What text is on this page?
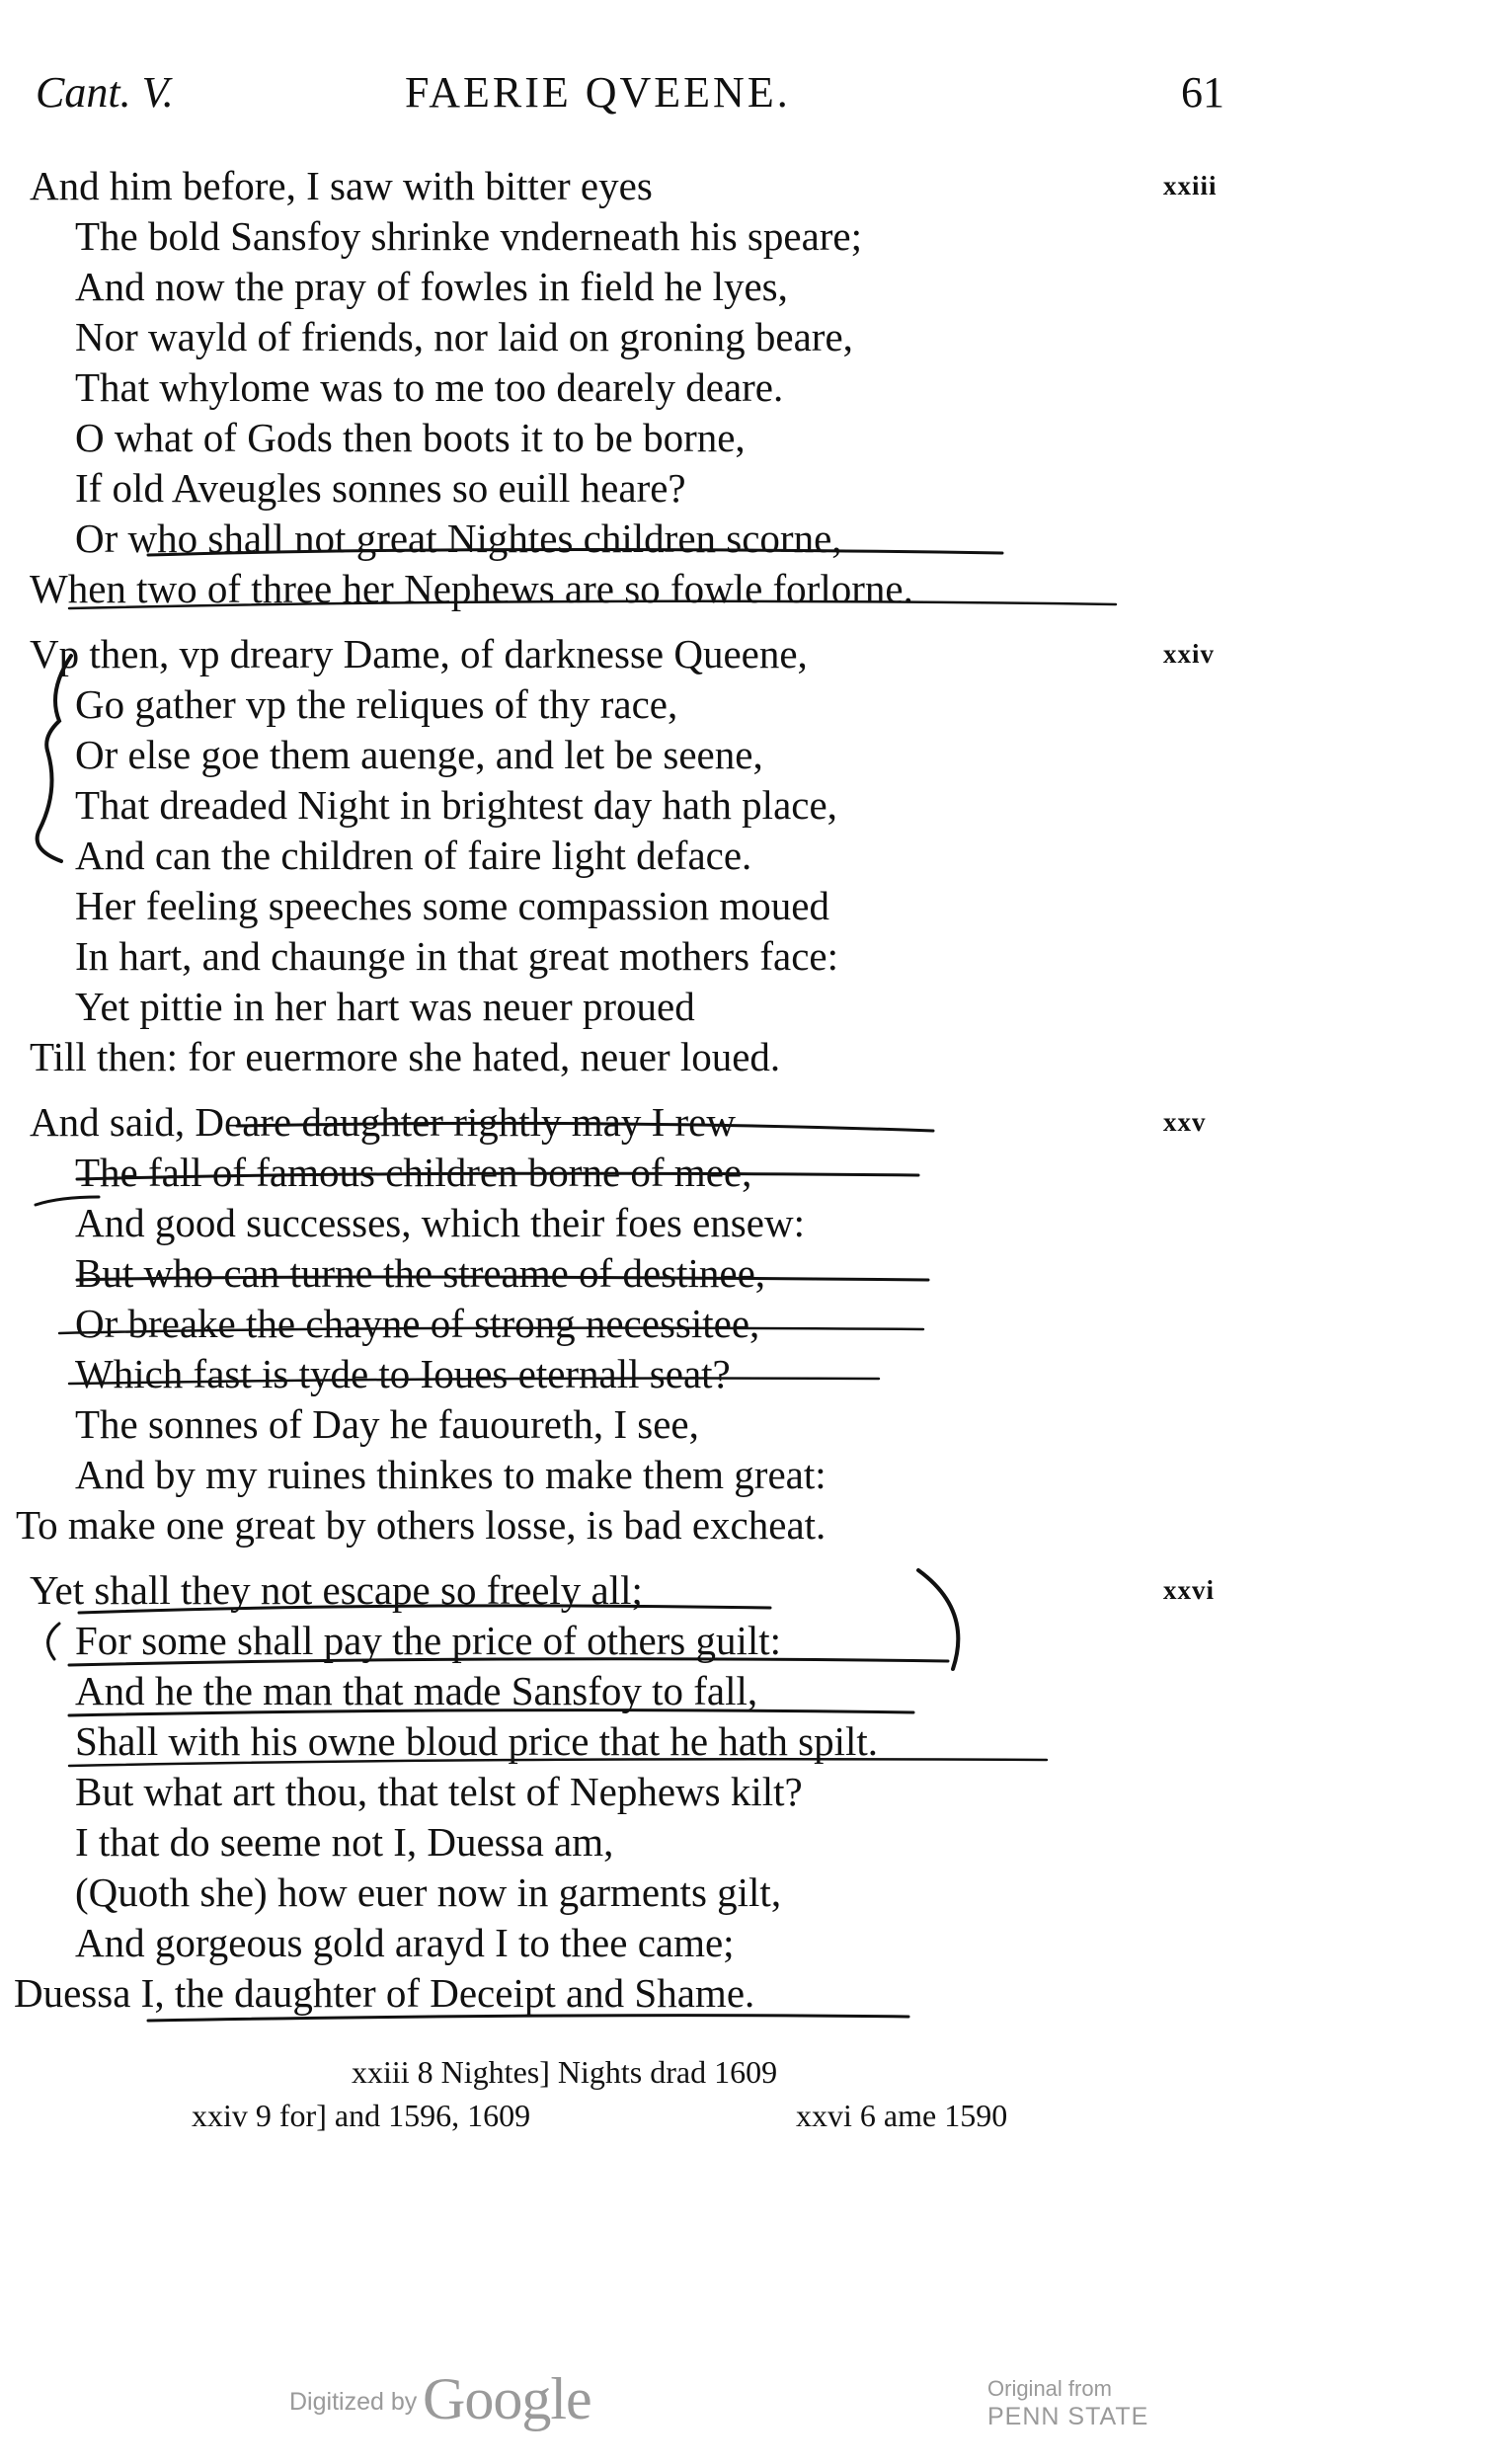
Cant. V.	FAERIE QVEENE.	61
xxiii
And him before, I saw with bitter eyes
The bold Sansfoy shrinke vnderneath his speare;
And now the pray of fowles in field he lyes,
Nor wayld of friends, nor laid on groning beare,
That whylome was to me too dearely deare.
O what of Gods then boots it to be borne,
If old Aveugles sonnes so euill heare?
Or who shall not great Nightes children scorne,
When two of three her Nephews are so fowle forlorne.
xxiv
Vp then, vp dreary Dame, of darknesse Queene,
Go gather vp the reliques of thy race,
Or else goe them auenge, and let be seene,
That dreaded Night in brightest day hath place,
And can the children of faire light deface.
Her feeling speeches some compassion moued
In hart, and chaunge in that great mothers face:
Yet pittie in her hart was neuer proued
Till then: for euermore she hated, neuer loued.
xxv
And said, Deare daughter rightly may I rew
The fall of famous children borne of mee,
And good successes, which their foes ensew:
But who can turne the streame of destinee,
Or breake the chayne of strong necessitee,
Which fast is tyde to Ioues eternall seat?
The sonnes of Day he fauoureth, I see,
And by my ruines thinkes to make them great:
To make one great by others losse, is bad excheat.
xxvi
Yet shall they not escape so freely all;
For some shall pay the price of others guilt:
And he the man that made Sansfoy to fall,
Shall with his owne bloud price that he hath spilt.
But what art thou, that telst of Nephews kilt?
I that do seeme not I, Duessa am,
(Quoth she) how euer now in garments gilt,
And gorgeous gold arayd I to thee came;
Duessa I, the daughter of Deceipt and Shame.
xxiii 8 Nightes] Nights drad 1609
xxiv 9 for] and 1596, 1609	xxvi 6 ame 1590
Digitized by Google	Original from
PENN STATE
